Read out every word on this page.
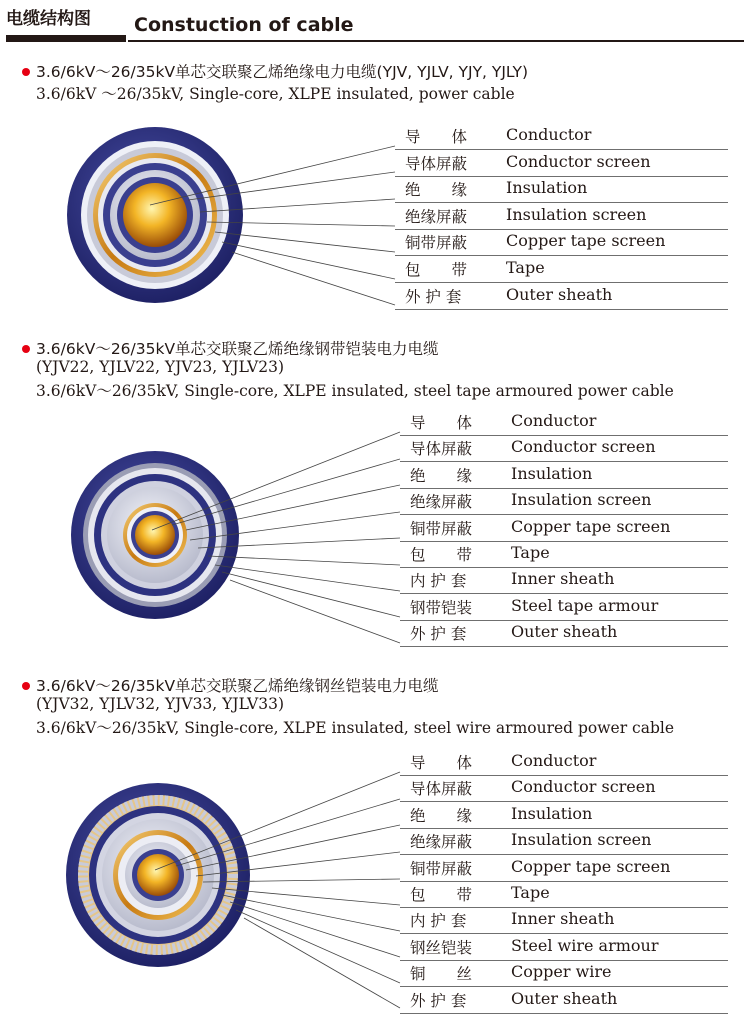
电缆结构图 Constuction of cable
3.6/6kV～26/35kV单芯交联聚乙烯绝缘电力电缆(YJV, YJLV, YJY, YJLY)
3.6/6kV ～26/35kV, Single-core, XLPE insulated, power cable
3.6/6kV～26/35kV单芯交联聚乙烯绝缘钢带铠装电力电缆
(YJV22, YJLV22, YJV23, YJLV23)
3.6/6kV～26/35kV, Single-core, XLPE insulated, steel tape armoured power cable
3.6/6kV～26/35kV单芯交联聚乙烯绝缘钢丝铠装电力电缆
(YJV32, YJLV32, YJV33, YJLV33)
3.6/6kV～26/35kV, Single-core, XLPE insulated, steel wire armoured power cable
导　　体 Conductor
导体屏蔽 Conductor screen
绝　　缘 Insulation
绝缘屏蔽 Insulation screen
铜带屏蔽 Copper tape screen
包　　带 Tape
外 护 套	Outer sheath
导　　体 Conductor
导体屏蔽 Conductor screen
绝　　缘 Insulation
绝缘屏蔽 Insulation screen
铜带屏蔽 Copper tape screen
包　　带 Tape
内 护 套	Inner sheath
钢带铠装 Steel tape armour
外 护 套	Outer sheath
导　　体 Conductor
导体屏蔽 Conductor screen
绝　　缘 Insulation
绝缘屏蔽 Insulation screen
铜带屏蔽 Copper tape screen
包　　带 Tape
内 护 套	Inner sheath
钢丝铠装 Steel wire armour
铜　　丝 Copper wire
外 护 套	Outer sheath
